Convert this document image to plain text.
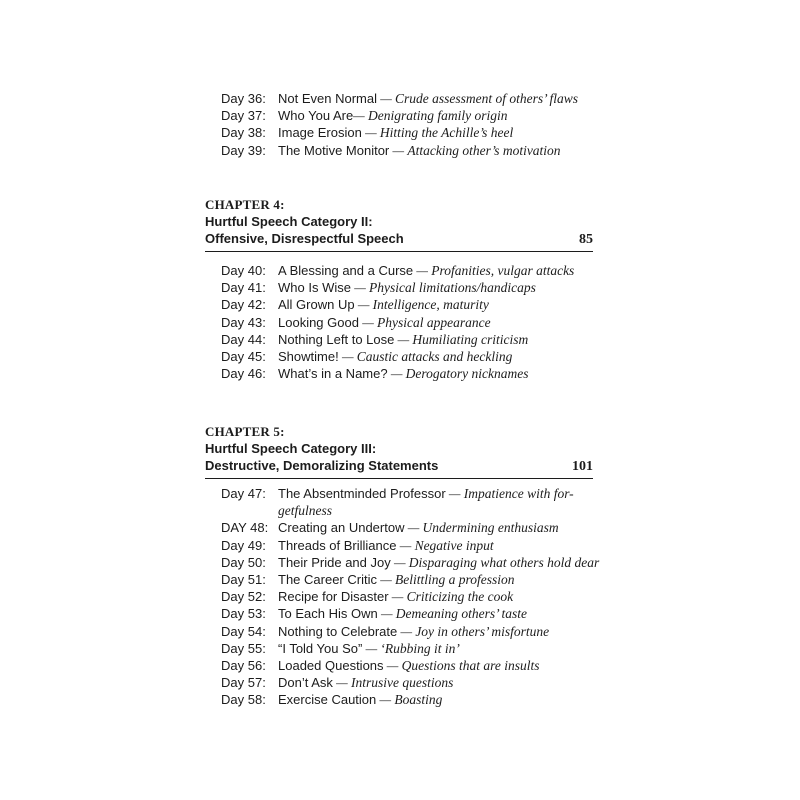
Day 36: Not Even Normal — Crude assessment of others’ flaws
Day 37: Who You Are— Denigrating family origin
Day 38: Image Erosion — Hitting the Achille’s heel
Day 39: The Motive Monitor — Attacking other’s motivation
CHAPTER 4:
Hurtful Speech Category II:
Offensive, Disrespectful Speech	85
Day 40: A Blessing and a Curse — Profanities, vulgar attacks
Day 41: Who Is Wise — Physical limitations/handicaps
Day 42: All Grown Up — Intelligence, maturity
Day 43: Looking Good — Physical appearance
Day 44: Nothing Left to Lose — Humiliating criticism
Day 45: Showtime! — Caustic attacks and heckling
Day 46: What’s in a Name? — Derogatory nicknames
CHAPTER 5:
Hurtful Speech Category III:
Destructive, Demoralizing Statements	101
Day 47: The Absentminded Professor — Impatience with for-
getfulness
DAY 48: Creating an Undertow — Undermining enthusiasm
Day 49: Threads of Brilliance — Negative input
Day 50: Their Pride and Joy — Disparaging what others hold dear
Day 51: The Career Critic — Belittling a profession
Day 52: Recipe for Disaster — Criticizing the cook
Day 53: To Each His Own — Demeaning others’ taste
Day 54: Nothing to Celebrate — Joy in others’ misfortune
Day 55: “I Told You So” — ‘Rubbing it in’
Day 56: Loaded Questions — Questions that are insults
Day 57: Don’t Ask — Intrusive questions
Day 58: Exercise Caution — Boasting
